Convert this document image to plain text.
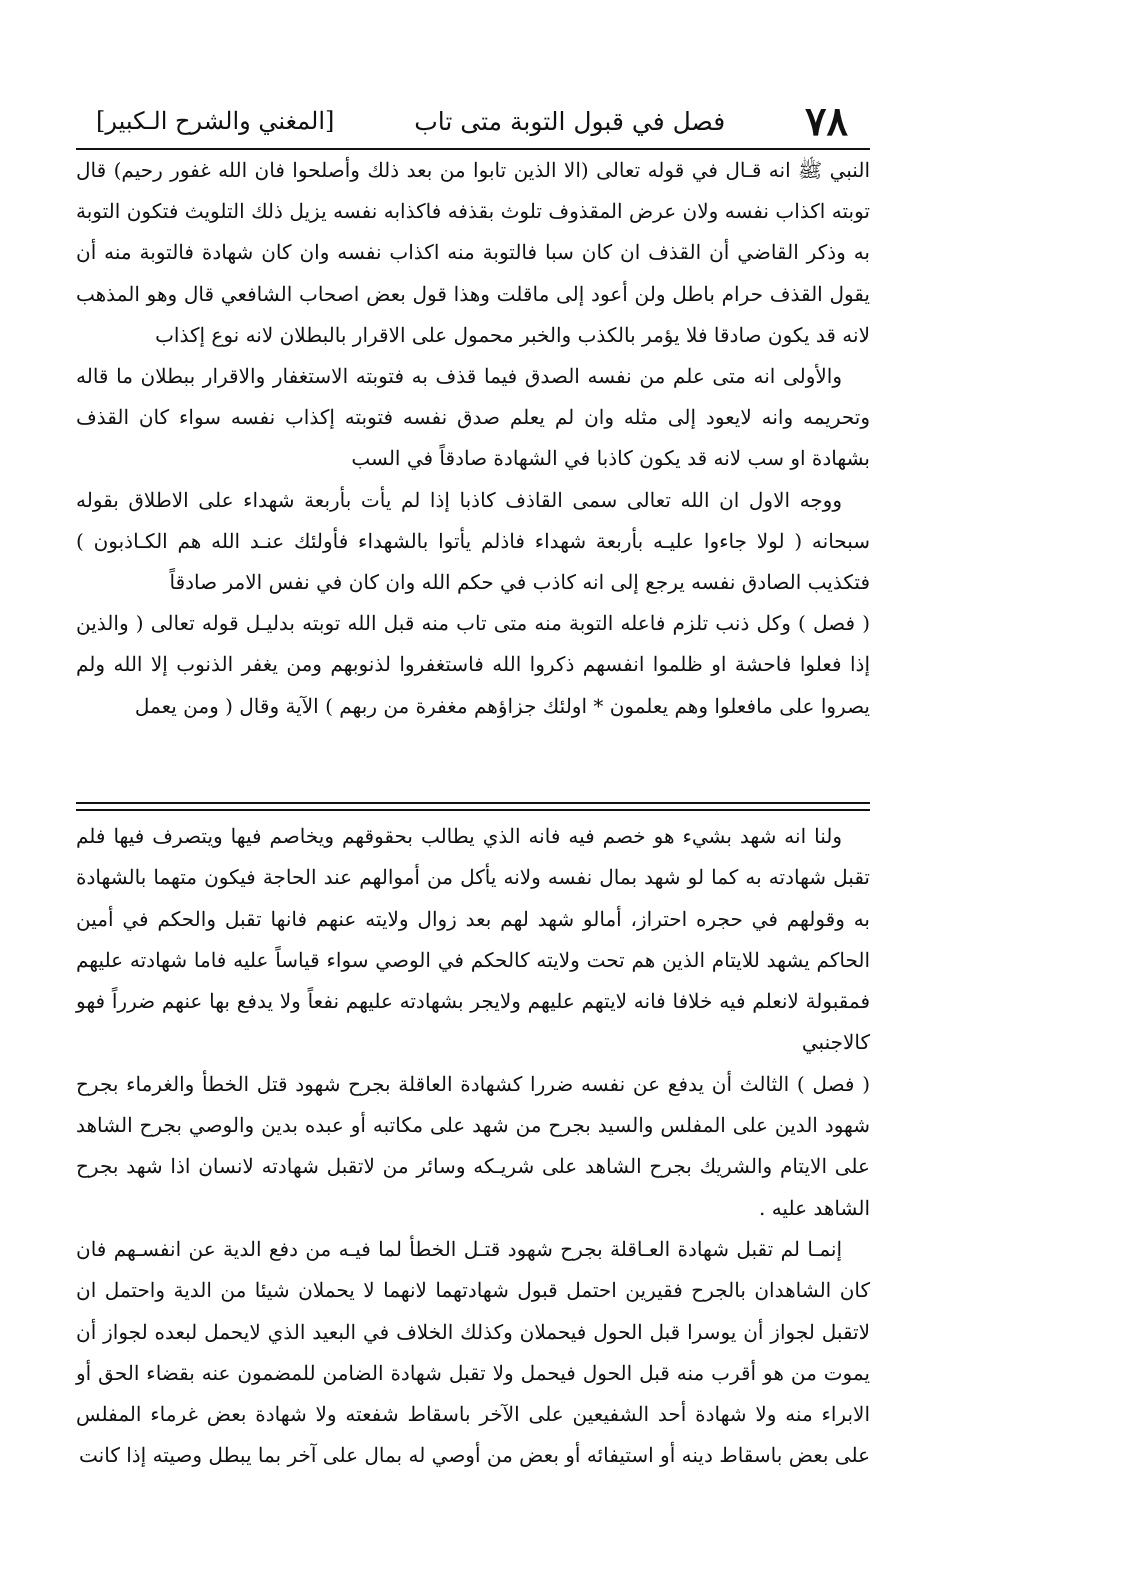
٧٨
فصل في قبول التوبة متى تاب
[المغني والشرح الـكبير]

النبي ﷺ انه قـال في قوله تعالى (الا الذين تابوا من بعد ذلك وأصلحوا فان الله غفور رحيم) قال توبته اكذاب نفسه ولان عرض المقذوف تلوث بقذفه فاكذابه نفسه يزيل ذلك التلويث فتكون التوبة به وذكر القاضي أن القذف ان كان سبا فالتوبة منه اكذاب نفسه وان كان شهادة فالتوبة منه أن يقول القذف حرام باطل ولن أعود إلى ماقلت وهذا قول بعض اصحاب الشافعي قال وهو المذهب لانه قد يكون صادقا فلا يؤمر بالكذب والخبر محمول على الاقرار بالبطلان لانه نوع إكذاب

والأولى انه متى علم من نفسه الصدق فيما قذف به فتوبته الاستغفار والاقرار ببطلان ما قاله وتحريمه وانه لايعود إلى مثله وان لم يعلم صدق نفسه فتوبته إكذاب نفسه سواء كان القذف بشهادة او سب لانه قد يكون كاذبا في الشهادة صادقاً في السب

ووجه الاول ان الله تعالى سمى القاذف كاذبا إذا لم يأت بأربعة شهداء على الاطلاق بقوله سبحانه ( لولا جاءوا عليـه بأربعة شهداء فاذلم يأتوا بالشهداء فأولئك عنـد الله هم الكـاذبون ) فتكذيب الصادق نفسه يرجع إلى انه كاذب في حكم الله وان كان في نفس الامر صادقاً

( فصل ) وكل ذنب تلزم فاعله التوبة منه متى تاب منه قبل الله توبته بدليـل قوله تعالى ( والذين إذا فعلوا فاحشة او ظلموا انفسهم ذكروا الله فاستغفروا لذنوبهم ومن يغفر الذنوب إلا الله ولم يصروا على مافعلوا وهم يعلمون * اولئك جزاؤهم مغفرة من ربهم ) الآية وقال ( ومن يعمل

ولنا انه شهد بشيء هو خصم فيه فانه الذي يطالب بحقوقهم ويخاصم فيها ويتصرف فيها فلم تقبل شهادته به كما لو شهد بمال نفسه ولانه يأكل من أموالهم عند الحاجة فيكون متهما بالشهادة به وقولهم في حجره احتراز، أمالو شهد لهم بعد زوال ولايته عنهم فانها تقبل والحكم في أمين الحاكم يشهد للايتام الذين هم تحت ولايته كالحكم في الوصي سواء قياساً عليه فاما شهادته عليهم فمقبولة لانعلم فيه خلافا فانه لايتهم عليهم ولايجر بشهادته عليهم نفعاً ولا يدفع بها عنهم ضرراً فهو كالاجنبي

( فصل ) الثالث أن يدفع عن نفسه ضررا كشهادة العاقلة بجرح شهود قتل الخطأ والغرماء بجرح شهود الدين على المفلس والسيد بجرح من شهد على مكاتبه أو عبده بدين والوصي بجرح الشاهد على الايتام والشريك بجرح الشاهد على شريـكه وسائر من لاتقبل شهادته لانسان اذا شهد بجرح الشاهد عليه .

إنمـا لم تقبل شهادة العـاقلة بجرح شهود قتـل الخطأ لما فيـه من دفع الدية عن انفسـهم فان كان الشاهدان بالجرح فقيرين احتمل قبول شهادتهما لانهما لا يحملان شيئا من الدية واحتمل ان لاتقبل لجواز أن يوسرا قبل الحول فيحملان وكذلك الخلاف في البعيد الذي لايحمل لبعده لجواز أن يموت من هو أقرب منه قبل الحول فيحمل ولا تقبل شهادة الضامن للمضمون عنه بقضاء الحق أو الابراء منه ولا شهادة أحد الشفيعين على الآخر باسقاط شفعته ولا شهادة بعض غرماء المفلس على بعض باسقاط دينه أو استيفائه أو بعض من أوصي له بمال على آخر بما يبطل وصيته إذا كانت
